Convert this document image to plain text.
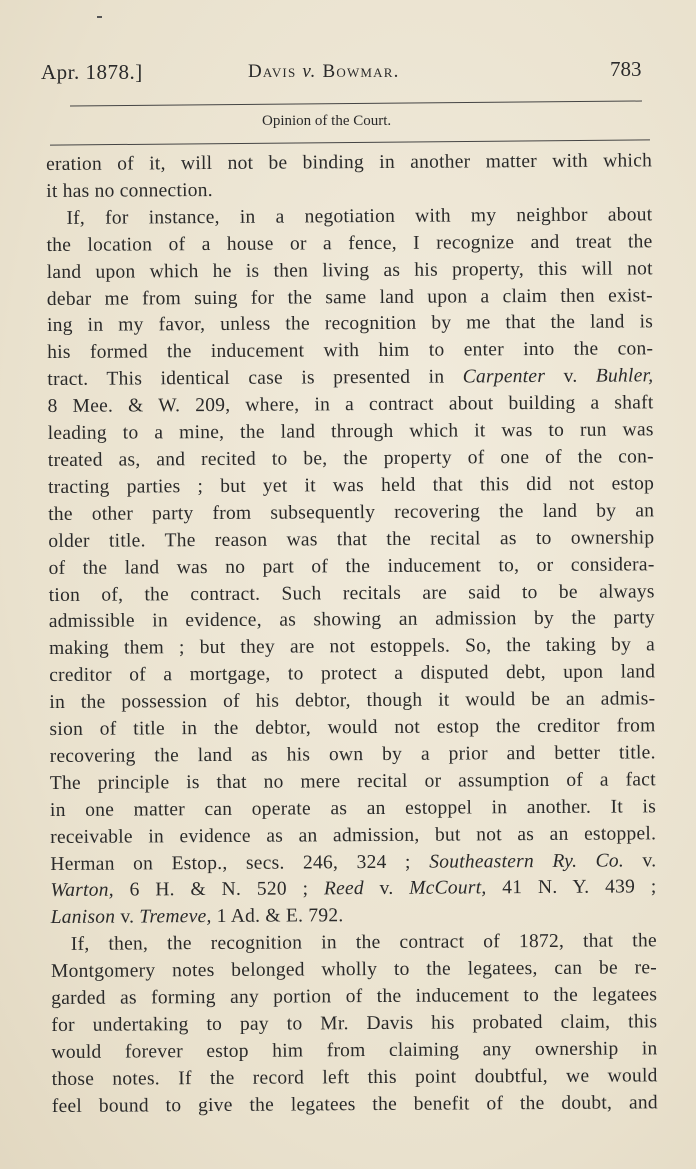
Apr. 1878.]	Davis v. Bowmar.	783
Opinion of the Court.
eration of it, will not be binding in another matter with which
it has no connection.
If, for instance, in a negotiation with my neighbor about
the location of a house or a fence, I recognize and treat the
land upon which he is then living as his property, this will not
debar me from suing for the same land upon a claim then exist-
ing in my favor, unless the recognition by me that the land is
his formed the inducement with him to enter into the con-
tract. This identical case is presented in Carpenter v. Buhler,
8 Mee. & W. 209, where, in a contract about building a shaft
leading to a mine, the land through which it was to run was
treated as, and recited to be, the property of one of the con-
tracting parties ; but yet it was held that this did not estop
the other party from subsequently recovering the land by an
older title. The reason was that the recital as to ownership
of the land was no part of the inducement to, or considera-
tion of, the contract. Such recitals are said to be always
admissible in evidence, as showing an admission by the party
making them ; but they are not estoppels. So, the taking by a
creditor of a mortgage, to protect a disputed debt, upon land
in the possession of his debtor, though it would be an admis-
sion of title in the debtor, would not estop the creditor from
recovering the land as his own by a prior and better title.
The principle is that no mere recital or assumption of a fact
in one matter can operate as an estoppel in another. It is
receivable in evidence as an admission, but not as an estoppel.
Herman on Estop., secs. 246, 324 ; Southeastern Ry. Co. v.
Warton, 6 H. & N. 520 ; Reed v. McCourt, 41 N. Y. 439 ;
Lanison v. Tremeve, 1 Ad. & E. 792.
If, then, the recognition in the contract of 1872, that the
Montgomery notes belonged wholly to the legatees, can be re-
garded as forming any portion of the inducement to the legatees
for undertaking to pay to Mr. Davis his probated claim, this
would forever estop him from claiming any ownership in
those notes. If the record left this point doubtful, we would
feel bound to give the legatees the benefit of the doubt, and
